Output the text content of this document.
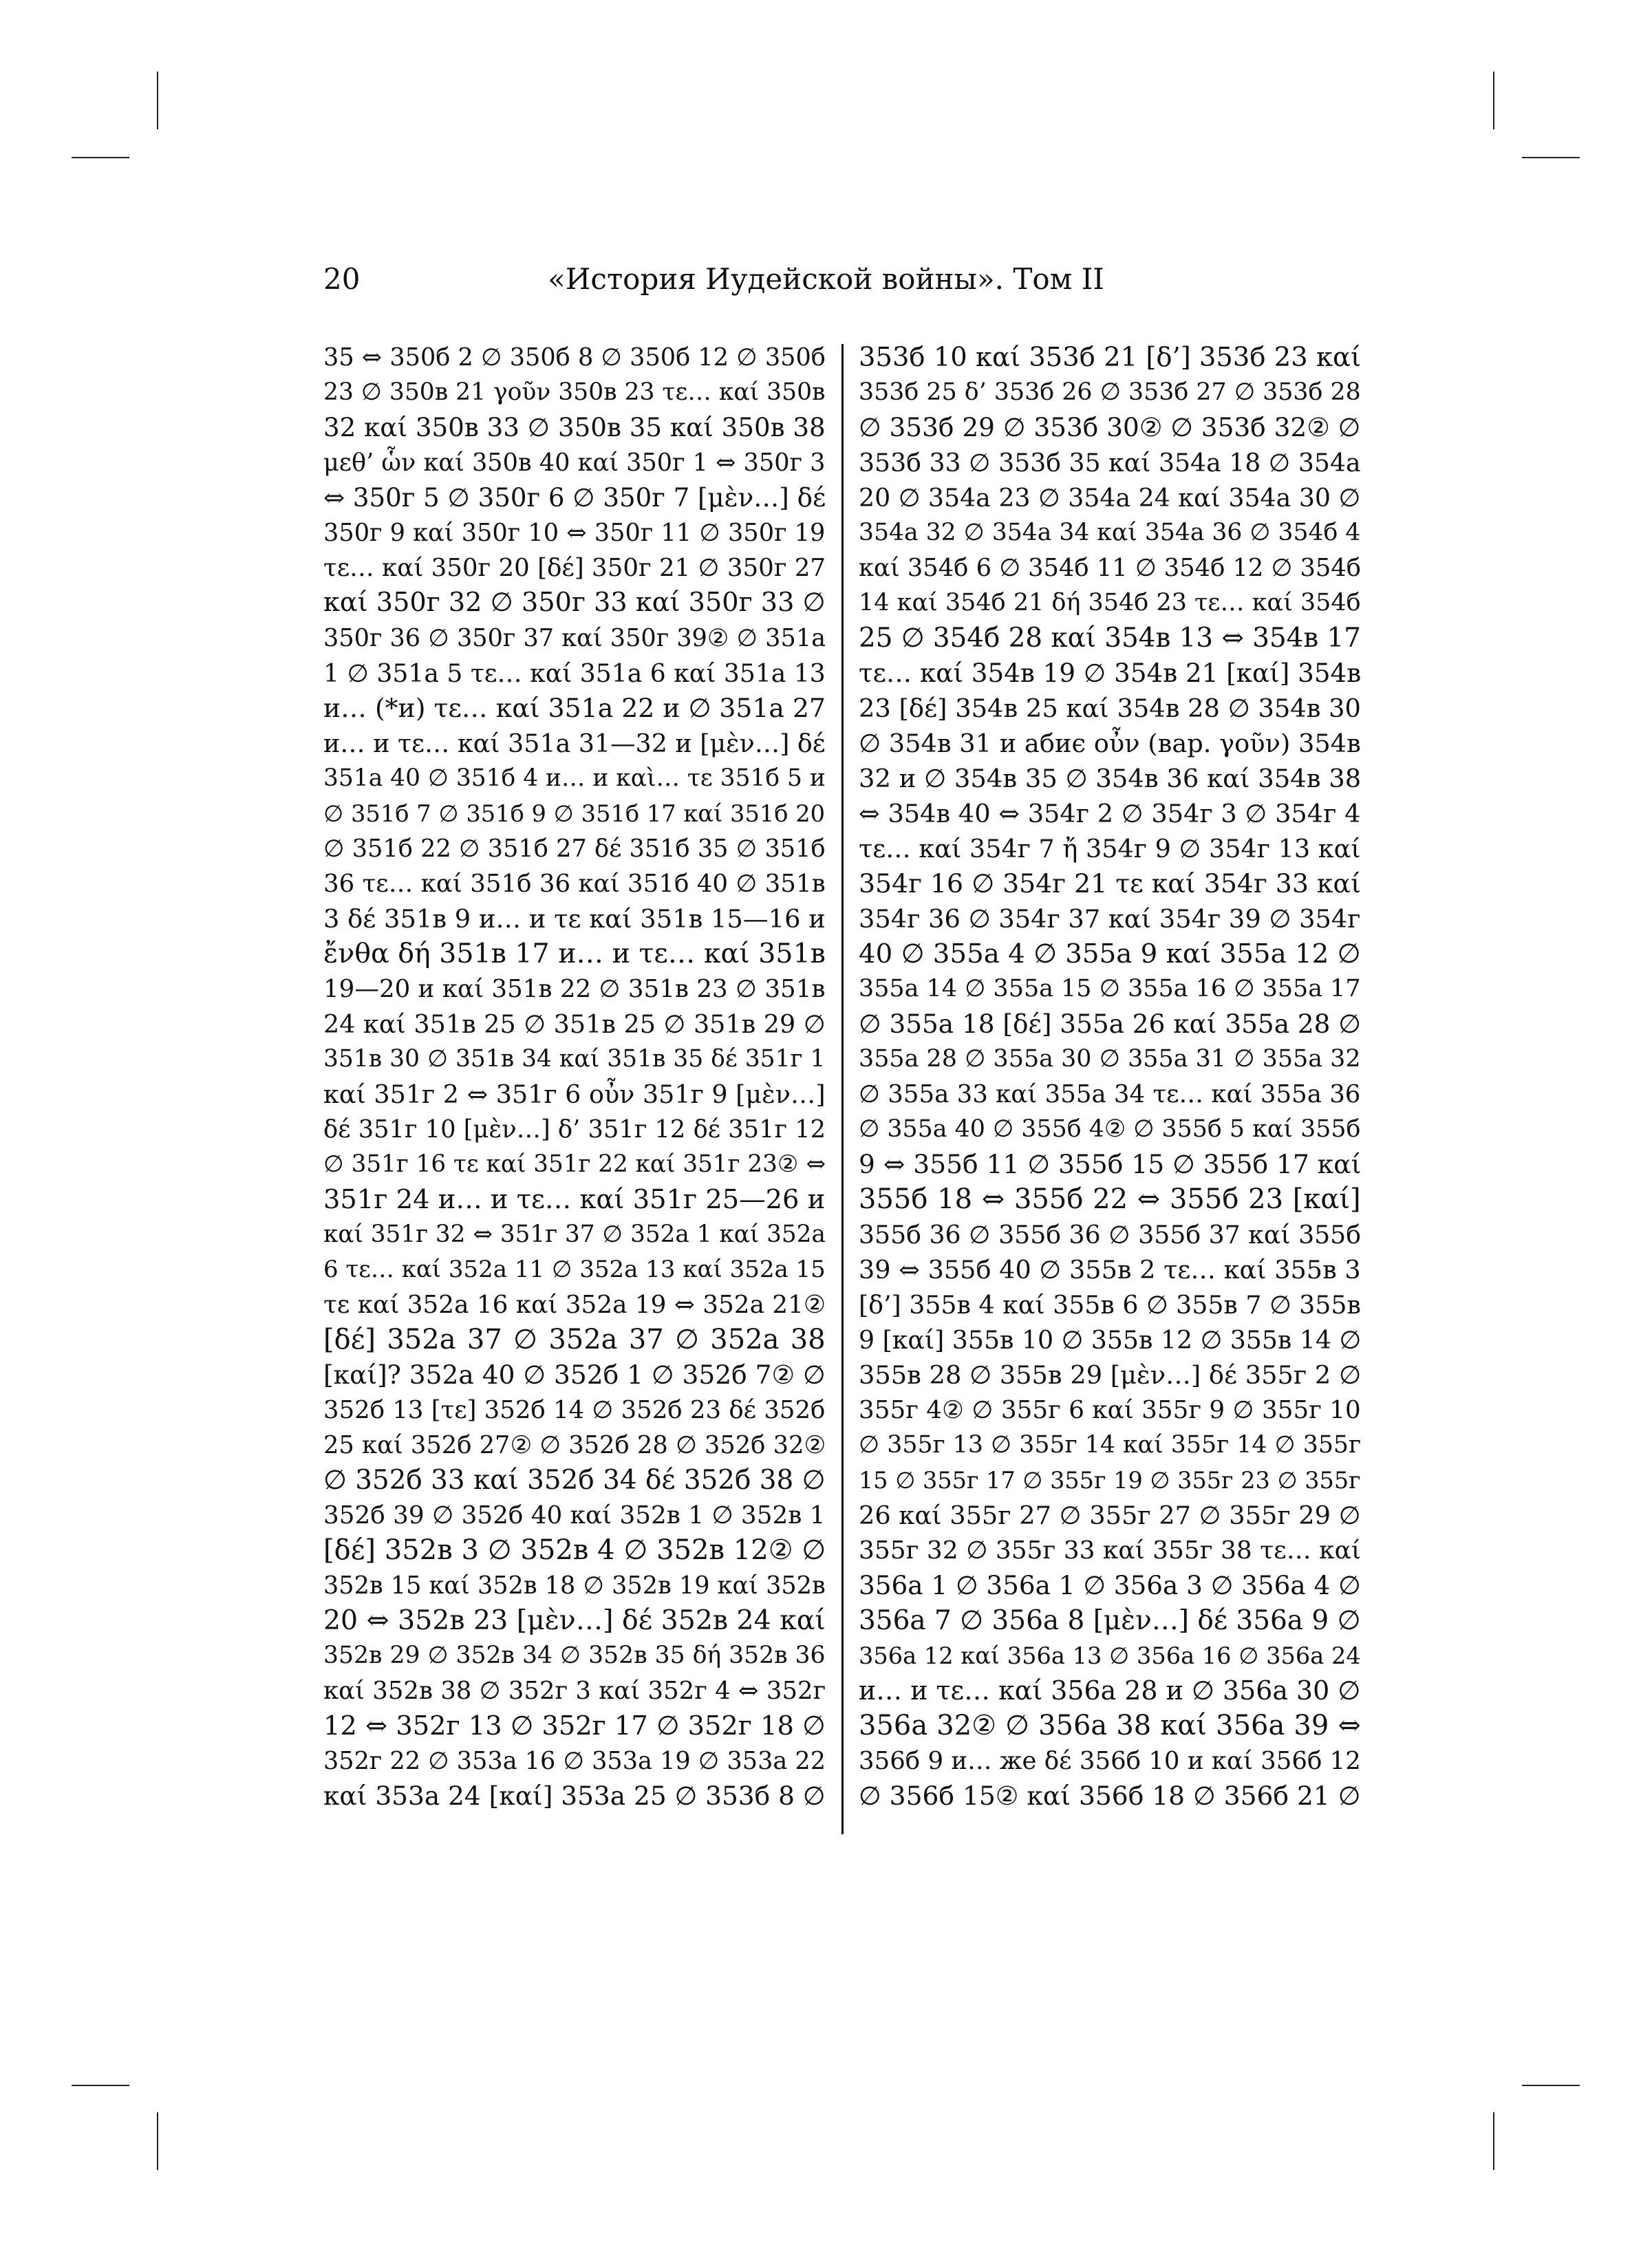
«История Иудейской войны». Том II
20
35 ⇔ 350б 2 ∅ 350б 8 ∅ 350б 12 ∅ 350б
23 ∅ 350в 21 γοῦν 350в 23 τε… καί 350в
32 καί 350в 33 ∅ 350в 35 καί 350в 38
μεθ’ ὧν καί 350в 40 καί 350г 1 ⇔ 350г 3
⇔ 350г 5 ∅ 350г 6 ∅ 350г 7 [μὲν…] δέ
350г 9 καί 350г 10 ⇔ 350г 11 ∅ 350г 19
τε… καί 350г 20 [δέ] 350г 21 ∅ 350г 27
καί 350г 32 ∅ 350г 33 καί 350г 33 ∅
350г 36 ∅ 350г 37 καί 350г 39② ∅ 351а
1 ∅ 351а 5 τε… καί 351а 6 καί 351а 13
и… (*и) τε… καί 351а 22 и ∅ 351а 27
и… и τε… καί 351а 31—32 и [μὲν…] δέ
351а 40 ∅ 351б 4 и… и καὶ… τε 351б 5 и
∅ 351б 7 ∅ 351б 9 ∅ 351б 17 καί 351б 20
∅ 351б 22 ∅ 351б 27 δέ 351б 35 ∅ 351б
36 τε… καί 351б 36 καί 351б 40 ∅ 351в
3 δέ 351в 9 и… и τε καί 351в 15—16 и
ἔνθα δή 351в 17 и… и τε… καί 351в
19—20 и καί 351в 22 ∅ 351в 23 ∅ 351в
24 καί 351в 25 ∅ 351в 25 ∅ 351в 29 ∅
351в 30 ∅ 351в 34 καί 351в 35 δέ 351г 1
καί 351г 2 ⇔ 351г 6 οὖν 351г 9 [μὲν…]
δέ 351г 10 [μὲν…] δ’ 351г 12 δέ 351г 12
∅ 351г 16 τε καί 351г 22 καί 351г 23② ⇔
351г 24 и… и τε… καί 351г 25—26 и
καί 351г 32 ⇔ 351г 37 ∅ 352а 1 καί 352а
6 τε… καί 352а 11 ∅ 352а 13 καί 352а 15
τε καί 352а 16 καί 352а 19 ⇔ 352а 21②
[δέ] 352а 37 ∅ 352а 37 ∅ 352а 38
[καί]? 352а 40 ∅ 352б 1 ∅ 352б 7② ∅
352б 13 [τε] 352б 14 ∅ 352б 23 δέ 352б
25 καί 352б 27② ∅ 352б 28 ∅ 352б 32②
∅ 352б 33 καί 352б 34 δέ 352б 38 ∅
352б 39 ∅ 352б 40 καί 352в 1 ∅ 352в 1
[δέ] 352в 3 ∅ 352в 4 ∅ 352в 12② ∅
352в 15 καί 352в 18 ∅ 352в 19 καί 352в
20 ⇔ 352в 23 [μὲν…] δέ 352в 24 καί
352в 29 ∅ 352в 34 ∅ 352в 35 δή 352в 36
καί 352в 38 ∅ 352г 3 καί 352г 4 ⇔ 352г
12 ⇔ 352г 13 ∅ 352г 17 ∅ 352г 18 ∅
352г 22 ∅ 353а 16 ∅ 353а 19 ∅ 353а 22
καί 353а 24 [καί] 353а 25 ∅ 353б 8 ∅
353б 10 καί 353б 21 [δ’] 353б 23 καί
353б 25 δ’ 353б 26 ∅ 353б 27 ∅ 353б 28
∅ 353б 29 ∅ 353б 30② ∅ 353б 32② ∅
353б 33 ∅ 353б 35 καί 354а 18 ∅ 354а
20 ∅ 354а 23 ∅ 354а 24 καί 354а 30 ∅
354а 32 ∅ 354а 34 καί 354а 36 ∅ 354б 4
καί 354б 6 ∅ 354б 11 ∅ 354б 12 ∅ 354б
14 καί 354б 21 δή 354б 23 τε… καί 354б
25 ∅ 354б 28 καί 354в 13 ⇔ 354в 17
τε… καί 354в 19 ∅ 354в 21 [καί] 354в
23 [δέ] 354в 25 καί 354в 28 ∅ 354в 30
∅ 354в 31 и абиє οὖν (вар. γοῦν) 354в
32 и ∅ 354в 35 ∅ 354в 36 καί 354в 38
⇔ 354в 40 ⇔ 354г 2 ∅ 354г 3 ∅ 354г 4
τε… καί 354г 7 ἤ 354г 9 ∅ 354г 13 καί
354г 16 ∅ 354г 21 τε καί 354г 33 καί
354г 36 ∅ 354г 37 καί 354г 39 ∅ 354г
40 ∅ 355а 4 ∅ 355а 9 καί 355а 12 ∅
355а 14 ∅ 355а 15 ∅ 355а 16 ∅ 355а 17
∅ 355а 18 [δέ] 355а 26 καί 355а 28 ∅
355а 28 ∅ 355а 30 ∅ 355а 31 ∅ 355а 32
∅ 355а 33 καί 355а 34 τε… καί 355а 36
∅ 355а 40 ∅ 355б 4② ∅ 355б 5 καί 355б
9 ⇔ 355б 11 ∅ 355б 15 ∅ 355б 17 καί
355б 18 ⇔ 355б 22 ⇔ 355б 23 [καί]
355б 36 ∅ 355б 36 ∅ 355б 37 καί 355б
39 ⇔ 355б 40 ∅ 355в 2 τε… καί 355в 3
[δ’] 355в 4 καί 355в 6 ∅ 355в 7 ∅ 355в
9 [καί] 355в 10 ∅ 355в 12 ∅ 355в 14 ∅
355в 28 ∅ 355в 29 [μὲν…] δέ 355г 2 ∅
355г 4② ∅ 355г 6 καί 355г 9 ∅ 355г 10
∅ 355г 13 ∅ 355г 14 καί 355г 14 ∅ 355г
15 ∅ 355г 17 ∅ 355г 19 ∅ 355г 23 ∅ 355г
26 καί 355г 27 ∅ 355г 27 ∅ 355г 29 ∅
355г 32 ∅ 355г 33 καί 355г 38 τε… καί
356а 1 ∅ 356а 1 ∅ 356а 3 ∅ 356а 4 ∅
356а 7 ∅ 356а 8 [μὲν…] δέ 356а 9 ∅
356а 12 καί 356а 13 ∅ 356а 16 ∅ 356а 24
и… и τε… καί 356а 28 и ∅ 356а 30 ∅
356а 32② ∅ 356а 38 καί 356а 39 ⇔
356б 9 и… же δέ 356б 10 и καί 356б 12
∅ 356б 15② καί 356б 18 ∅ 356б 21 ∅
